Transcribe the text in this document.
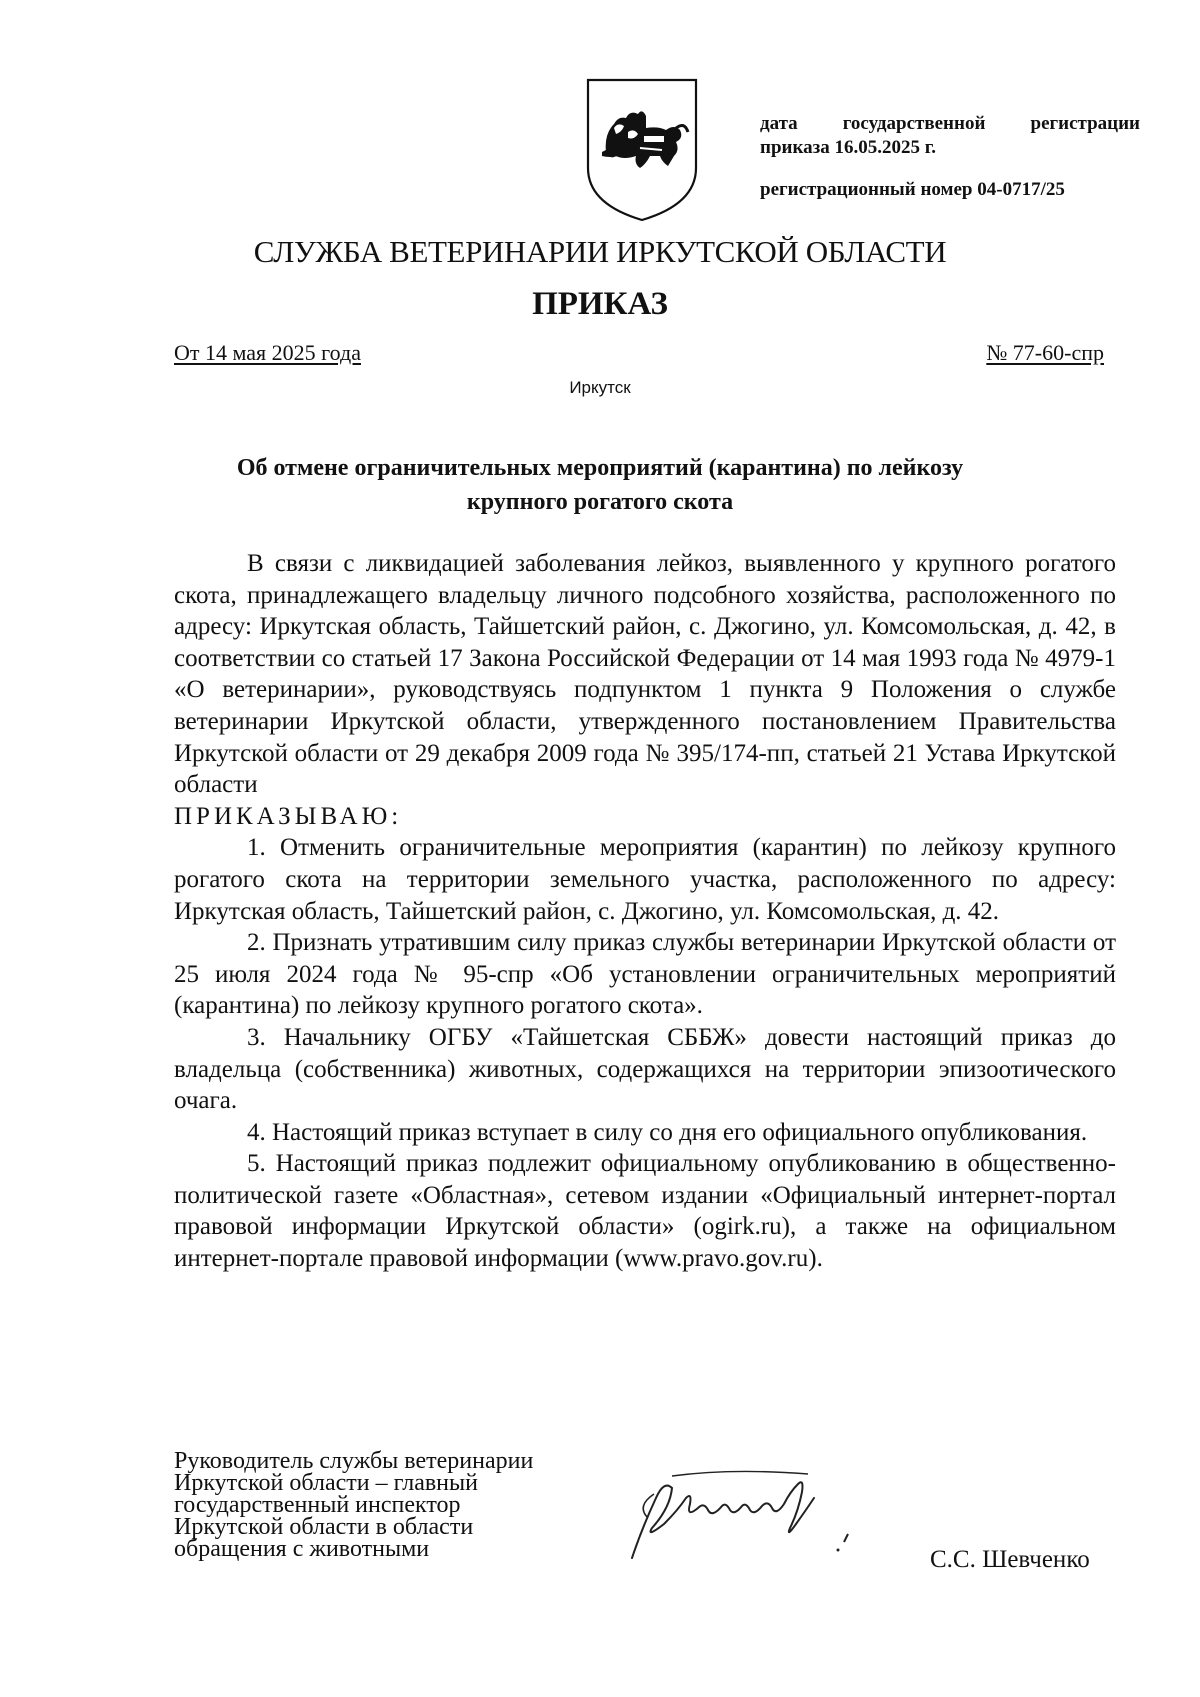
дата государственной регистрации
приказа 16.05.2025 г.
регистрационный номер 04-0717/25
СЛУЖБА ВЕТЕРИНАРИИ ИРКУТСКОЙ ОБЛАСТИ
ПРИКАЗ
От 14 мая 2025 года	№ 77-60-спр
Иркутск
Об отмене ограничительных мероприятий (карантина) по лейкозу
крупного рогатого скота

В связи с ликвидацией заболевания лейкоз, выявленного у крупного рогатого скота, принадлежащего владельцу личного подсобного хозяйства, расположенного по адресу: Иркутская область, Тайшетский район, с. Джогино, ул. Комсомольская, д. 42, в соответствии со статьей 17 Закона Российской Федерации от 14 мая 1993 года № 4979-1 «О ветеринарии», руководствуясь подпунктом 1 пункта 9 Положения о службе ветеринарии Иркутской области, утвержденного постановлением Правительства Иркутской области от 29 декабря 2009 года № 395/174-пп, статьей 21 Устава Иркутской области

ПРИКАЗЫВАЮ:

1. Отменить ограничительные мероприятия (карантин) по лейкозу крупного рогатого скота на территории земельного участка, расположенного по адресу: Иркутская область, Тайшетский район, с. Джогино, ул. Комсомольская, д. 42.

2. Признать утратившим силу приказ службы ветеринарии Иркутской области от 25 июля 2024 года № 95-спр «Об установлении ограничительных мероприятий (карантина) по лейкозу крупного рогатого скота».

3. Начальнику ОГБУ «Тайшетская СББЖ» довести настоящий приказ до владельца (собственника) животных, содержащихся на территории эпизоотического очага.

4. Настоящий приказ вступает в силу со дня его официального опубликования.

5. Настоящий приказ подлежит официальному опубликованию в общественно-политической газете «Областная», сетевом издании «Официальный интернет-портал правовой информации Иркутской области» (ogirk.ru), а также на официальном интернет-портале правовой информации (www.pravo.gov.ru).

Руководитель службы ветеринарии
Иркутской области – главный
государственный инспектор
Иркутской области в области
обращения с животными	С.С. Шевченко
